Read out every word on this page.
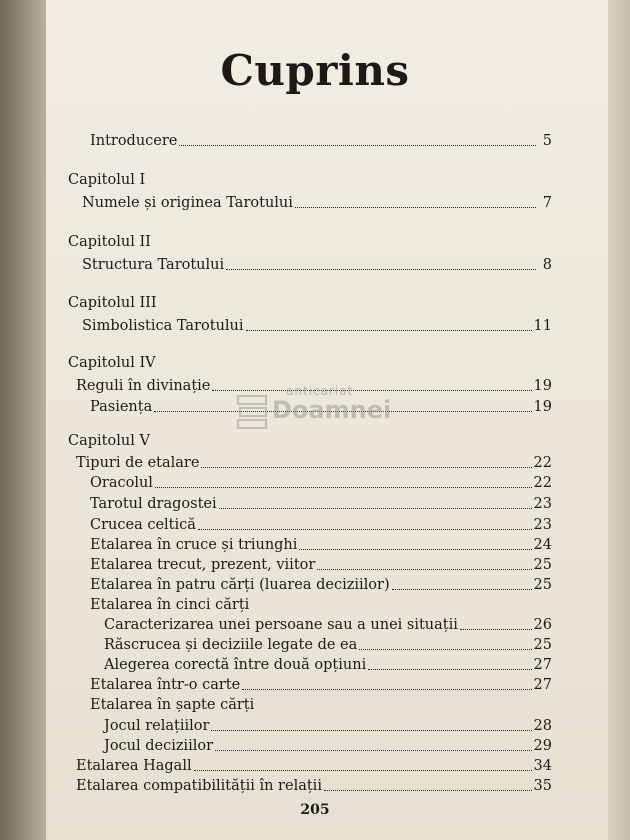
Cuprins
Introducere	5
Capitolul I
Numele și originea Tarotului	7
Capitolul II
Structura Tarotului	8
Capitolul III
Simbolistica Tarotului	11
Capitolul IV
Reguli în divinație	19
Pasiența	19
Capitolul V
Tipuri de etalare	22
Oracolul	22
Tarotul dragostei	23
Crucea celtică	23
Etalarea în cruce și triunghi	24
Etalarea trecut, prezent, viitor	25
Etalarea în patru cărți (luarea deciziilor)	25
Etalarea în cinci cărți
Caracterizarea unei persoane sau a unei situații	26
Răscrucea și deciziile legate de ea	25
Alegerea corectă între două opțiuni	27
Etalarea într-o carte	27
Etalarea în șapte cărți
Jocul relațiilor	28
Jocul deciziilor	29
Etalarea Hagall	34
Etalarea compatibilității în relații	35
anticariat
Doamnei
205
